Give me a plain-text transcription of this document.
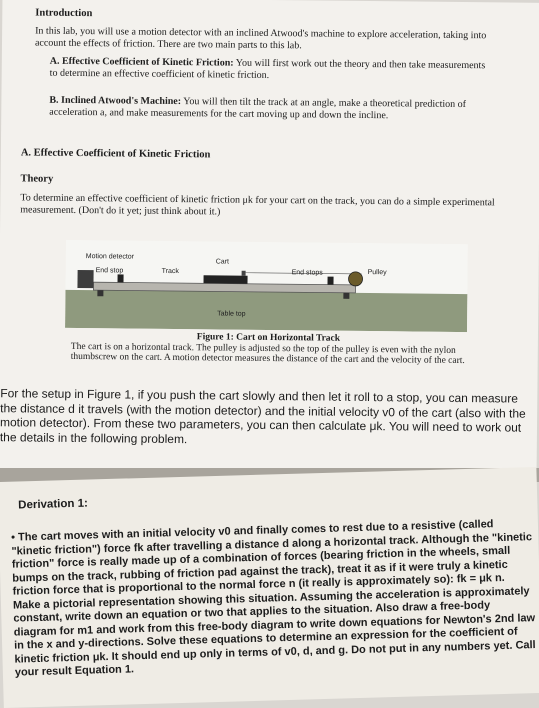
Introduction

In this lab, you will use a motion detector with an inclined Atwood's machine to explore acceleration, taking into account the effects of friction. There are two main parts to this lab.

A. Effective Coefficient of Kinetic Friction: You will first work out the theory and then take measurements to determine an effective coefficient of kinetic friction.

B. Inclined Atwood's Machine: You will then tilt the track at an angle, make a theoretical prediction of acceleration a, and make measurements for the cart moving up and down the incline.

A. Effective Coefficient of Kinetic Friction

Theory

To determine an effective coefficient of kinetic friction μk for your cart on the track, you can do a simple experimental measurement. (Don't do it yet; just think about it.)

Table top
Motion detector
End stop	Track
Cart
End stops	Pulley

Figure 1: Cart on Horizontal Track
The cart is on a horizontal track. The pulley is adjusted so the top of the pulley is even with the nylon thumbscrew on the cart. A motion detector measures the distance of the cart and the velocity of the cart.

For the setup in Figure 1, if you push the cart slowly and then let it roll to a stop, you can measure the distance d it travels (with the motion detector) and the initial velocity v0 of the cart (also with the motion detector). From these two parameters, you can then calculate μk. You will need to work out the details in the following problem.

Derivation 1:

• The cart moves with an initial velocity v0 and finally comes to rest due to a resistive (called "kinetic friction") force fk after travelling a distance d along a horizontal track. Although the "kinetic friction" force is really made up of a combination of forces (bearing friction in the wheels, small bumps on the track, rubbing of friction pad against the track), treat it as if it were truly a kinetic friction force that is proportional to the normal force n (it really is approximately so): fk = μk n. Make a pictorial representation showing this situation. Assuming the acceleration is approximately constant, write down an equation or two that applies to the situation. Also draw a free-body diagram for m1 and work from this free-body diagram to write down equations for Newton's 2nd law in the x and y-directions. Solve these equations to determine an expression for the coefficient of kinetic friction μk. It should end up only in terms of v0, d, and g. Do not put in any numbers yet. Call your result Equation 1.
